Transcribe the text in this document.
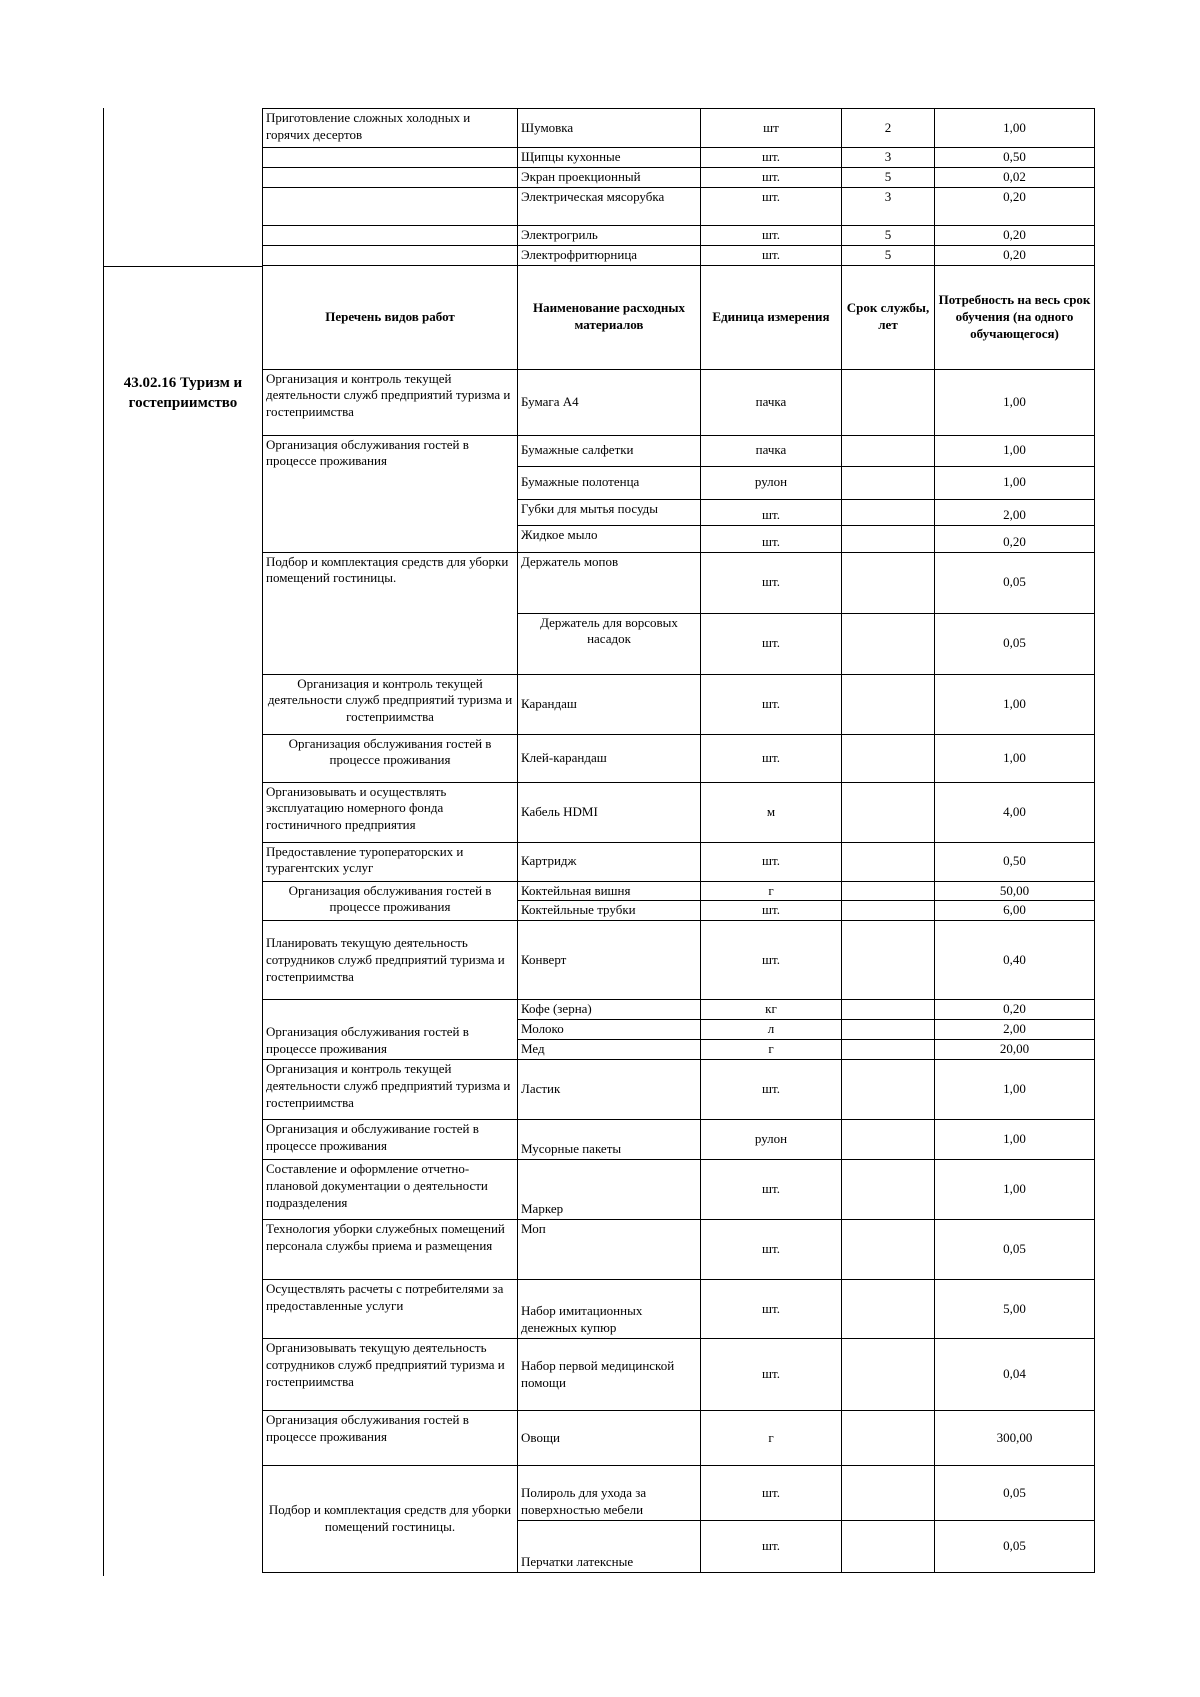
43.02.16 Туризм и гостеприимство
Приготовление сложных холодных и горячих десертов	Шумовка	шт	2	1,00
	Щипцы кухонные	шт.	3	0,50
	Экран проекционный	шт.	5	0,02
	Электрическая мясорубка	шт.	3	0,20
	Электрогриль	шт.	5	0,20
	Электрофритюрница	шт.	5	0,20
Перечень видов работ	Наименование расходных материалов	Единица измерения	Срок службы, лет	Потребность на весь срок обучения (на одного обучающегося)
Организация и контроль текущей деятельности служб предприятий туризма и гостеприимства	Бумага А4	пачка		1,00
Организация обслуживания гостей в процессе проживания	Бумажные салфетки	пачка		1,00
	Бумажные полотенца	рулон		1,00
	Губки для мытья посуды	шт.		2,00
	Жидкое мыло	шт.		0,20
Подбор и комплектация средств для уборки помещений гостиницы.	Держатель мопов	шт.		0,05
	Держатель для ворсовых насадок	шт.		0,05
Организация и контроль текущей деятельности служб предприятий туризма и гостеприимства	Карандаш	шт.		1,00
Организация обслуживания гостей в процессе проживания	Клей-карандаш	шт.		1,00
Организовывать и осуществлять эксплуатацию номерного фонда гостиничного предприятия	Кабель HDMI	м		4,00
Предоставление туроператорских и турагентских услуг	Картридж	шт.		0,50
Организация обслуживания гостей в процессе проживания	Коктейльная вишня	г		50,00
	Коктейльные трубки	шт.		6,00
Планировать текущую деятельность сотрудников служб предприятий туризма и гостеприимства	Конверт	шт.		0,40
Организация обслуживания гостей в процессе проживания	Кофе (зерна)	кг		0,20
	Молоко	л		2,00
	Мед	г		20,00
Организация и контроль текущей деятельности служб предприятий туризма и гостеприимства	Ластик	шт.		1,00
Организация и обслуживание гостей в процессе проживания	Мусорные пакеты	рулон		1,00
Составление и оформление отчетно-плановой документации о деятельности подразделения	Маркер	шт.		1,00
Технология уборки служебных помещений персонала службы приема и размещения	Моп	шт.		0,05
Осуществлять расчеты с потребителями за предоставленные услуги	Набор имитационных денежных купюр	шт.		5,00
Организовывать текущую деятельность сотрудников служб предприятий туризма и гостеприимства	Набор первой медицинской помощи	шт.		0,04
Организация обслуживания гостей в процессе проживания	Овощи	г		300,00
Подбор и комплектация средств для уборки помещений гостиницы.	Полироль для ухода за поверхностью мебели	шт.		0,05
	Перчатки латексные	шт.		0,05
